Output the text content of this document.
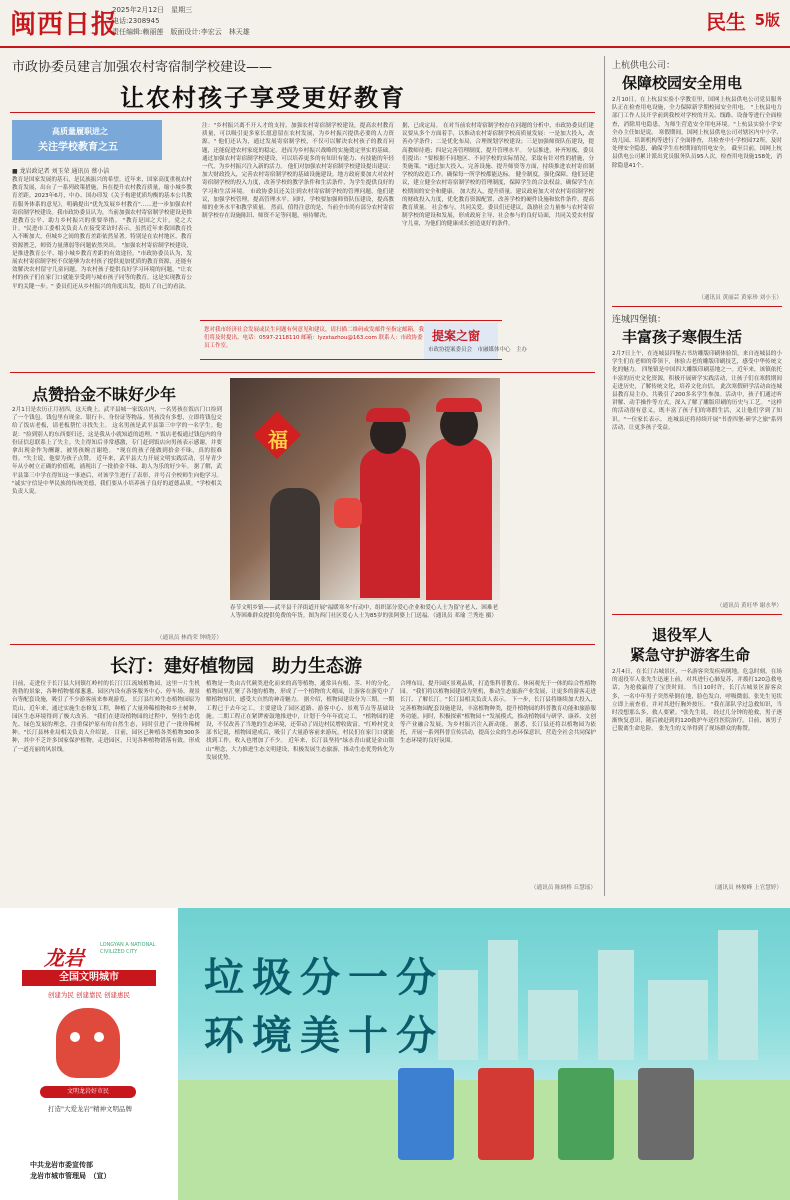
闽西日报
2025年2月12日　星期三
电话:2308945
责任编辑:赖丽莲　版面设计:李宏云　林天雄	民生 5版
市政协委员建言加强农村寄宿制学校建设——
让农村孩子享受更好教育
高质量履职进之
关注学校教育之五
■ 龙岩政记者 刘玉荣 通讯员 蔡小洁
教育是国家发展的基石，是民族振兴的希望。近年来，国家高度重视农村教育发展，出台了一系列政策措施，旨在提升农村教育质量，缩小城乡教育差距。2023年6月，中办、国办印发《关于构建优质均衡的基本公共教育服务体系的意见》，明确提出"优先发展乡村教育"……进一步加强农村寄宿制学校建设。我市政协委员认为，当前加强农村寄宿制学校建设是推进教育公平、助力乡村振兴的重要举措。 "教育是国之大计，党之大计。"民进市工委相关负责人在接受采访时表示，虽然近年来我国教育投入不断加大，但城乡之间的教育差距依然显著。特别是在农村地区，教育资源匮乏，师资力量薄弱等问题依然突出。 "加强农村寄宿制学校建设，是推进教育公平、缩小城乡教育差距的有效途径。"市政协委员认为，发展农村寄宿制学校不仅能够为农村孩子提供更加优质的教育资源，还能有效解决农村留守儿童问题，为农村孩子提供良好学习环境的问题。"让农村的孩子们在家门口就能享受到与城市孩子同等的教育，这是实现教育公平的关键一步。" 委员们还从乡村振兴的角度出发，提出了自己的看法。
注："乡村振兴离不开人才的支持。加强农村寄宿制学校建设，提高农村教育质量，可以吸引更多家长愿意留在农村发展，为乡村振兴提供必要的人力资源。" 他们还认为，通过发展寄宿制学校，不仅可以解决农村孩子的教育问题，还能促进农村家庭的稳定。进而为乡村振兴战略的实施奠定坚实的基础。通过加强农村寄宿制学校建设，可以培养更多的有知识有能力、有技能的年轻一代，为乡村振兴注入新的活力。 他们对加强农村寄宿制学校建设提出建议：加大财政投入，完善农村寄宿制学校的基础设施建设。地方政府要加大对农村寄宿制学校的投入力度，改善学校的教学条件和生活条件，为学生提供良好的学习和生活环境。 市政协委员还关注到农村寄宿制学校的管理问题，他们建议，加强学校管理，提高管理水平。同时，学校要加强师资队伍建设，提高教师的业务水平和教学质量。 然而，值得注意的是，当前全市尚有部分农村寄宿制学校存在设施陈旧、师资不足等问题，亟待解决。
据，已成定局。 在对当前农村寄宿制学校存在问题的分析中，市政协委员们建议要从多个方面着手，以推动农村寄宿制学校高质量发展：一是加大投入，改善办学条件；二是优化布局，合理规划学校建设；三是加强师资队伍建设，提高教师待遇；四是完善管理制度，提升管理水平。 分层推进，补齐短板。委员们提出："要根据不同地区、不同学校的实际情况，采取有针对性的措施，分类施策。"通过加大投入、完善设施、提升师资等方面，持续推进农村寄宿制学校的改造工作，确保每一所学校都能达标。 健全制度，强化保障。他们还建议，建立健全农村寄宿制学校的管理制度，保障学生的合法权益，确保学生在校期间的安全和健康。 加大投入，提升质量。建议政府加大对农村寄宿制学校的财政投入力度，优化教育资源配置，改善学校的硬件设施和软件条件，提高教育质量。 社会参与，共同关爱。委员们还建议，鼓励社会力量参与农村寄宿制学校的建设和发展，形成政府主导、社会参与的良好局面，共同关爱农村留守儿童，为他们的健康成长创造更好的条件。
您对我市经济社会发展或民生问题有何意见和建议，请扫描二维码或发邮件至指定邮箱，我们将及时提出。电话：0597-2118110 邮箱：lyzxtazhou@163.com 联系人：市政协委员工作室。
提案之窗
市政协提案委员会　市融媒体中心　主办
上杭供电公司：
保障校园安全用电
2月10日，在上杭县实验小学教室里，国网上杭县供电公司党员服务队正在检查用电设施，全力保障新学期校园安全用电。 "上杭县电力部门工作人员开学前到我校对学校的开关、线路、设备等进行全面检查，消除用电隐患，为师生营造安全用电环境。"上杭县实验小学安全办主任如是说。 寒假期间，国网上杭县供电公司对辖区内中小学、幼儿园、培训机构等进行了全面排查，共检查中小学校园72所，及时处理安全隐患，确保学生在校期间的用电安全。 截至目前，国网上杭县供电公司累计派出党员服务队员95人次，检查用电设施158处，消除隐患41个。
（通讯员 黄丽芸 黄家珍 刘小玉）
连城四堡镇：
丰富孩子寒假生活
2月7日上午，在连城县四堡古书坊雕版印刷体验馆，来自连城县的小学生们在老师的带领下，体验古老的雕版印刷技艺，感受中华传统文化的魅力。 四堡镇是中国四大雕版印刷基地之一。近年来，该镇依托丰富的历史文化资源，积极开展研学实践活动，让孩子们在寒假期间走进历史，了解传统文化，培养文化自信。 此次寒假研学活动由连城县教育局主办，共吸引了200多名学生参加。活动中，孩子们通过听讲解、动手操作等方式，深入了解了雕版印刷的历史与工艺。 "这样的活动很有意义，既丰富了孩子们的寒假生活，又让他们学到了知识。"一位家长表示。 连城县还将持续开展"书香四堡·研学之旅"系列活动，让更多孩子受益。
（通讯员 黄旺华 谢水华）
退役军人
紧急守护游客生命
2月4日，在长汀古城景区，一名游客突发疾病倒地。危急时刻，在场的退役军人张先生迅速上前，对其进行心肺复苏，并拨打120急救电话，为抢救赢得了宝贵时间。 当日10时许，长汀古城景区游客众多，一名中年男子突然晕倒在地，脸色发白，呼吸微弱。张先生见状立即上前查看，并对其进行胸外按压。 "我在部队学过急救知识，当时没想那么多，救人要紧。"张先生说。 经过几分钟的抢救，男子逐渐恢复意识，随后被赶到的120救护车送往医院治疗。目前，该男子已脱离生命危险。 张先生的义举得到了现场群众的称赞。
（通讯员 林俊峰 上官慧婷）
点赞拾金不昧好少年
2月1日是农历正月初四，这天晚上，武平县城一家饭店内，一名男孩在饭店门口捡到了一个钱包。钱包里有现金、银行卡、身份证等物品。男孩没有多想，立即将钱包交给了饭店老板，请老板帮忙寻找失主。 这名男孩是武平县第三中学的一名学生。他说："捡到别人的东西要归还，这是我从小就知道的道理。" 饭店老板通过钱包内的身份证信息联系上了失主。失主得知后非常感激，专门赶到饭店向男孩表示感谢，并要拿出现金作为酬谢，被男孩婉言谢绝。 "现在的孩子能做到拾金不昧，真的很难得。"失主说，他要为孩子点赞。 近年来，武平县大力开展文明实践活动，引导青少年从小树立正确的价值观，涌现出了一批拾金不昧、助人为乐的好少年。 据了解，武平县第三中学在得知这一事迹后，对该学生进行了表彰，并号召全校师生向他学习。 "诚实守信是中华民族的传统美德，我们要从小培养孩子良好的道德品质。"学校相关负责人说。
（通讯员 林尚荣 钟晓芳）
福
春节文明乡镇——武平县千洋街道开展"福暖寒冬"行动中，组织部分爱心企业和爱心人士为留守老人、困难老人等困难群众提供免费的年货。图为西门社区爱心人士为85岁的张阿婆上门送福。（通讯员 邓瑜 兰秀连 摄）
长汀：建好植物园　助力生态游
日前，走进位于长汀县大同镇红岭村的长汀汀江流域植物园，这里一片生机勃勃的景象，各种植物郁郁葱葱。园区内设有游客服务中心、停车场、观景台等配套设施，吸引了不少游客前来参观游览。 长汀县红岭生态植物园原为荒山，近年来，通过实施生态修复工程，种植了大量珍稀植物和乡土树种，园区生态环境得到了极大改善。 "我们在建设植物园的过程中，坚持生态优先、绿色发展的理念，注重保护原有的自然生态，同时引进了一批珍稀树种。"长汀县林业局相关负责人介绍说。 目前，园区已种植各类植物300多种，其中不乏许多国家保护植物。走进园区，只见各种植物错落有致，形成了一道亮丽的风景线。
植物是一类由古代蕨类进化而来的高等植物，通常具有根、茎、叶的分化。植物园里汇聚了各地的植物，形成了一个植物的大观园，让游客在游览中了解植物知识，感受大自然的神奇魅力。 据介绍，植物园建设分为三期。一期工程已于去年完工，主要建设了园区道路、游客中心、景观节点等基础设施。二期工程正在紧锣密鼓地推进中，计划于今年年底完工。 "植物园的建设，不仅改善了当地的生态环境，还带动了周边村民增收致富。"红岭村党支部书记说，植物园建成后，吸引了大量游客前来游玩，村民们在家门口就能找到工作，收入也增加了不少。 近年来，长汀县坚持"绿水青山就是金山银山"理念，大力推进生态文明建设，积极发展生态旅游，推动生态优势转化为发展优势。
合理布局，提升园区景观品质，打造集科普教育、休闲观光于一体的综合性植物园。 "我们将以植物园建设为契机，推动生态旅游产业发展，让更多的游客走进长汀、了解长汀。"长汀县相关负责人表示。 下一步，长汀县将继续加大投入，完善植物园配套设施建设，丰富植物种类，提升植物园的科普教育功能和旅游服务功能。同时，积极探索"植物园＋"发展模式，推动植物园与研学、康养、文创等产业融合发展，为乡村振兴注入新动能。 据悉，长汀县还将以植物园为依托，开展一系列科普宣传活动，提高公众的生态环保意识，营造全社会共同保护生态环境的良好氛围。
（通讯员 陈炳桥 丘慧瑶）
龙岩
LONGYAN A NATIONAL CIVILIZED CITY
全国文明城市
创建为民 创建靠民 创建惠民
文明龙岩好市民
打造"大爱龙岩"精神文明品牌
中共龙岩市委宣传部
龙岩市城市管理局　（宣）
垃圾分一分
环境美十分
